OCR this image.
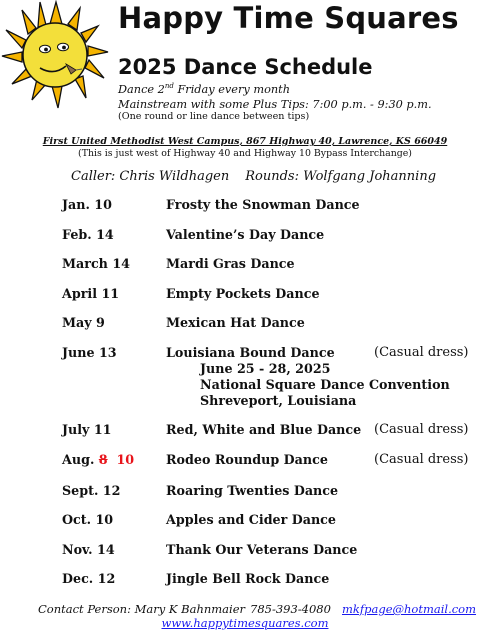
Happy Time Squares
2025 Dance Schedule
Dance 2nd Friday every month
Mainstream with some Plus Tips: 7:00 p.m. - 9:30 p.m.
(One round or line dance between tips)
First United Methodist West Campus, 867 Highway 40, Lawrence, KS 66049
(This is just west of Highway 40 and Highway 10 Bypass Interchange)
Caller: Chris Wildhagen Rounds: Wolfgang Johanning
Jan. 10	Frosty the Snowman Dance
Feb. 14	Valentine’s Day Dance
March 14	Mardi Gras Dance
April 11	Empty Pockets Dance
May 9	Mexican Hat Dance
June 13	Louisiana Bound Dance	(Casual dress)
June 25 - 28, 2025
National Square Dance Convention
Shreveport, Louisiana
July 11	Red, White and Blue Dance (Casual dress)
Aug. 8 10	Rodeo Roundup Dance	(Casual dress)
Sept. 12	Roaring Twenties Dance
Oct. 10	Apples and Cider Dance
Nov. 14	Thank Our Veterans Dance
Dec. 12	Jingle Bell Rock Dance
Contact Person: Mary K Bahnmaier 785-393-4080 mkfpage@hotmail.com
www.happytimesquares.com
